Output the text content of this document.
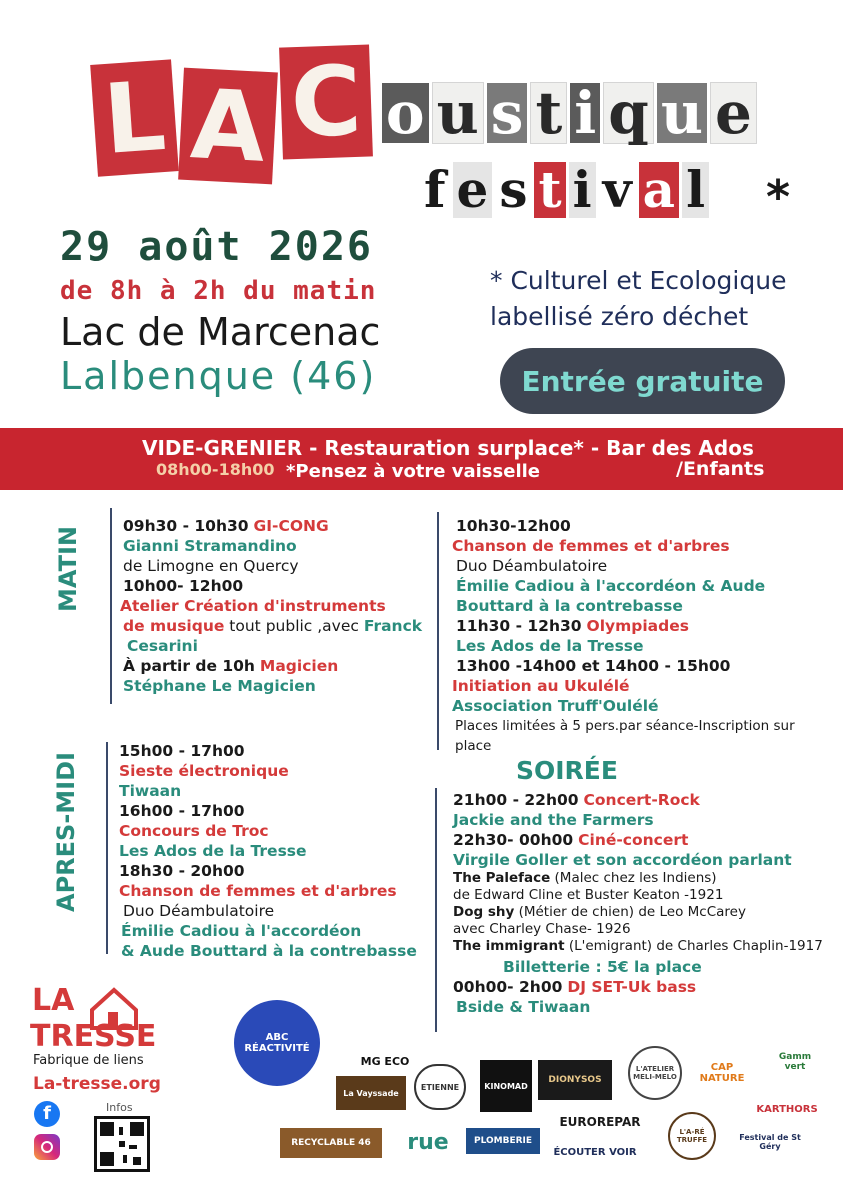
L A C o u s t i q u e
f e s t i v a l *
29 août 2026
de 8h à 2h du matin
Lac de Marcenac
Lalbenque (46)
* Culturel et Ecologique
labellisé zéro déchet
Entrée gratuite
VIDE-GRENIER - Restauration surplace* - Bar des Ados
08h00-18h00 *Pensez à votre vaisselle	/Enfants
MATIN
APRES-MIDI
09h30 - 10h30 GI-CONG
Gianni Stramandino
de Limogne en Quercy
10h00- 12h00
Atelier Création d'instruments
de musique tout public ,avec Franck
Cesarini
À partir de 10h Magicien
Stéphane Le Magicien
10h30-12h00
Chanson de femmes et d'arbres
Duo Déambulatoire
Émilie Cadiou à l'accordéon & Aude
Bouttard à la contrebasse
11h30 - 12h30 Olympiades
Les Ados de la Tresse
13h00 -14h00 et 14h00 - 15h00
Initiation au Ukulélé
Association Truff'Oulélé
Places limitées à 5 pers.par séance-Inscription sur
place
SOIRÉE
15h00 - 17h00
Sieste électronique
Tiwaan
16h00 - 17h00
Concours de Troc
Les Ados de la Tresse
18h30 - 20h00
Chanson de femmes et d'arbres
Duo Déambulatoire
Émilie Cadiou à l'accordéon
& Aude Bouttard à la contrebasse
21h00 - 22h00 Concert-Rock
Jackie and the Farmers
22h30- 00h00 Ciné-concert
Virgile Goller et son accordéon parlant
The Paleface (Malec chez les Indiens)
de Edward Cline et Buster Keaton -1921
Dog shy (Métier de chien) de Leo McCarey
avec Charley Chase- 1926
The immigrant (L'emigrant) de Charles Chaplin-1917
Billetterie : 5€ la place
00h00- 2h00 DJ SET-Uk bass
Bside & Tiwaan
LA
TRESSE
Fabrique de liens
La-tresse.org
f	Infos
ABC RÉACTIVITÉ
MG ECO
La Vayssade
ETIENNE	KINOMAD
DIONYSOS
L'ATELIER MELI-MELO
CAP NATURE
Gamm vert
KARTHORS
RECYCLABLE 46 rue	PLOMBERIE
EUROREPAR
ÉCOUTER VOIR
L'A-RÉ TRUFFE	Festival de St Géry
